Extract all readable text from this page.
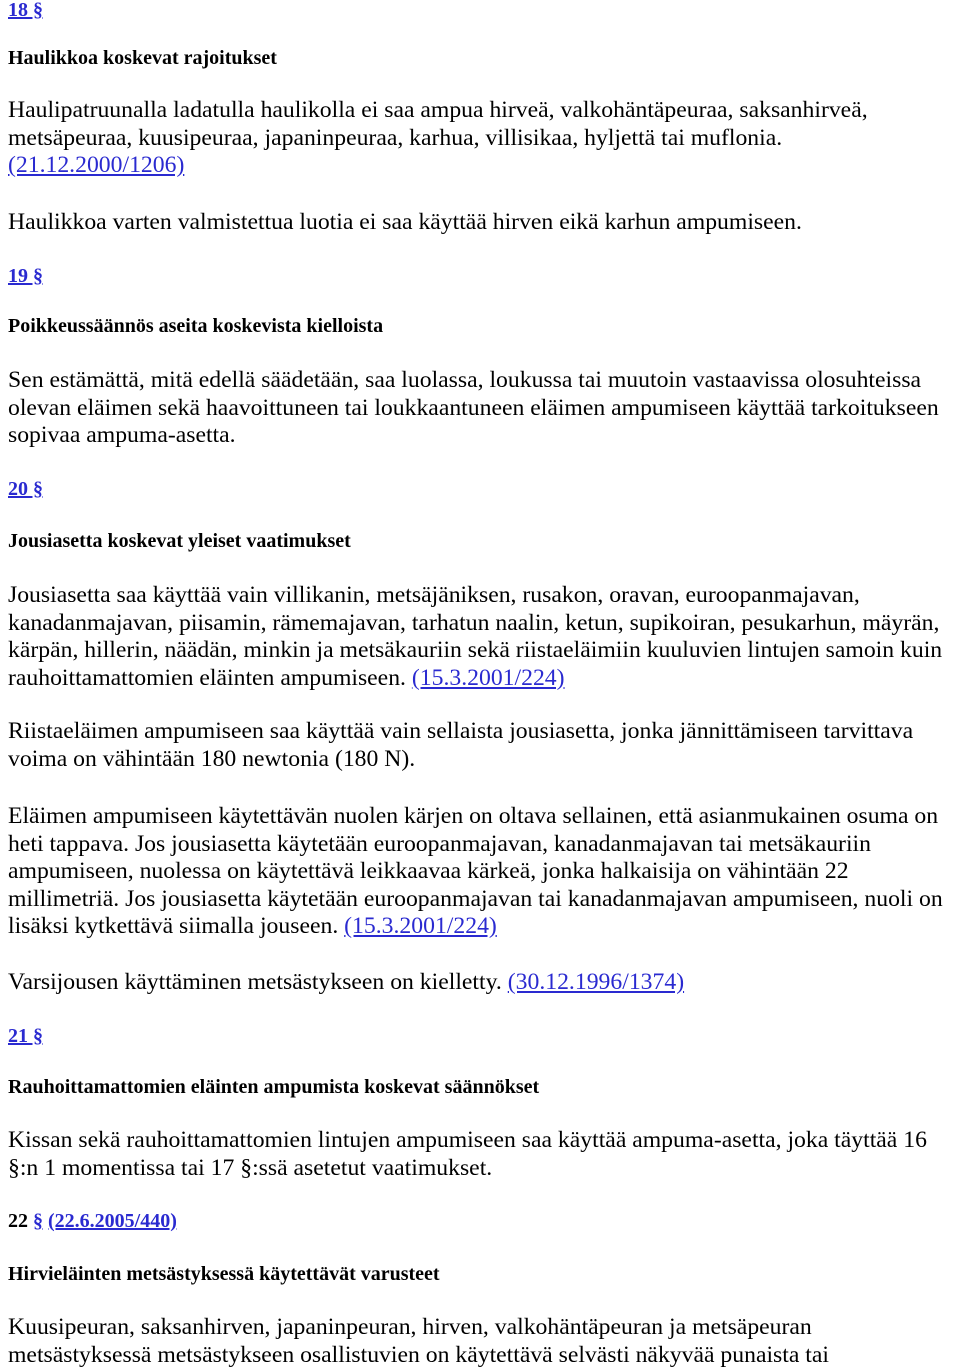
18 §
Haulikkoa koskevat rajoitukset
Haulipatruunalla ladatulla haulikolla ei saa ampua hirveä, valkohäntäpeuraa, saksanhirveä,
metsäpeuraa, kuusipeuraa, japaninpeuraa, karhua, villisikaa, hyljettä tai muflonia.
(21.12.2000/1206)
Haulikkoa varten valmistettua luotia ei saa käyttää hirven eikä karhun ampumiseen.
19 §
Poikkeussäännös aseita koskevista kielloista
Sen estämättä, mitä edellä säädetään, saa luolassa, loukussa tai muutoin vastaavissa olosuhteissa
olevan eläimen sekä haavoittuneen tai loukkaantuneen eläimen ampumiseen käyttää tarkoitukseen
sopivaa ampuma-asetta.
20 §
Jousiasetta koskevat yleiset vaatimukset
Jousiasetta saa käyttää vain villikanin, metsäjäniksen, rusakon, oravan, euroopanmajavan,
kanadanmajavan, piisamin, rämemajavan, tarhatun naalin, ketun, supikoiran, pesukarhun, mäyrän,
kärpän, hillerin, näädän, minkin ja metsäkauriin sekä riistaeläimiin kuuluvien lintujen samoin kuin
rauhoittamattomien eläinten ampumiseen. (15.3.2001/224)
Riistaeläimen ampumiseen saa käyttää vain sellaista jousiasetta, jonka jännittämiseen tarvittava
voima on vähintään 180 newtonia (180 N).
Eläimen ampumiseen käytettävän nuolen kärjen on oltava sellainen, että asianmukainen osuma on
heti tappava. Jos jousiasetta käytetään euroopanmajavan, kanadanmajavan tai metsäkauriin
ampumiseen, nuolessa on käytettävä leikkaavaa kärkeä, jonka halkaisija on vähintään 22
millimetriä. Jos jousiasetta käytetään euroopanmajavan tai kanadanmajavan ampumiseen, nuoli on
lisäksi kytkettävä siimalla jouseen. (15.3.2001/224)
Varsijousen käyttäminen metsästykseen on kielletty. (30.12.1996/1374)
21 §
Rauhoittamattomien eläinten ampumista koskevat säännökset
Kissan sekä rauhoittamattomien lintujen ampumiseen saa käyttää ampuma-asetta, joka täyttää 16
§:n 1 momentissa tai 17 §:ssä asetetut vaatimukset.
22 § (22.6.2005/440)
Hirvieläinten metsästyksessä käytettävät varusteet
Kuusipeuran, saksanhirven, japaninpeuran, hirven, valkohäntäpeuran ja metsäpeuran
metsästyksessä metsästykseen osallistuvien on käytettävä selvästi näkyvää punaista tai
